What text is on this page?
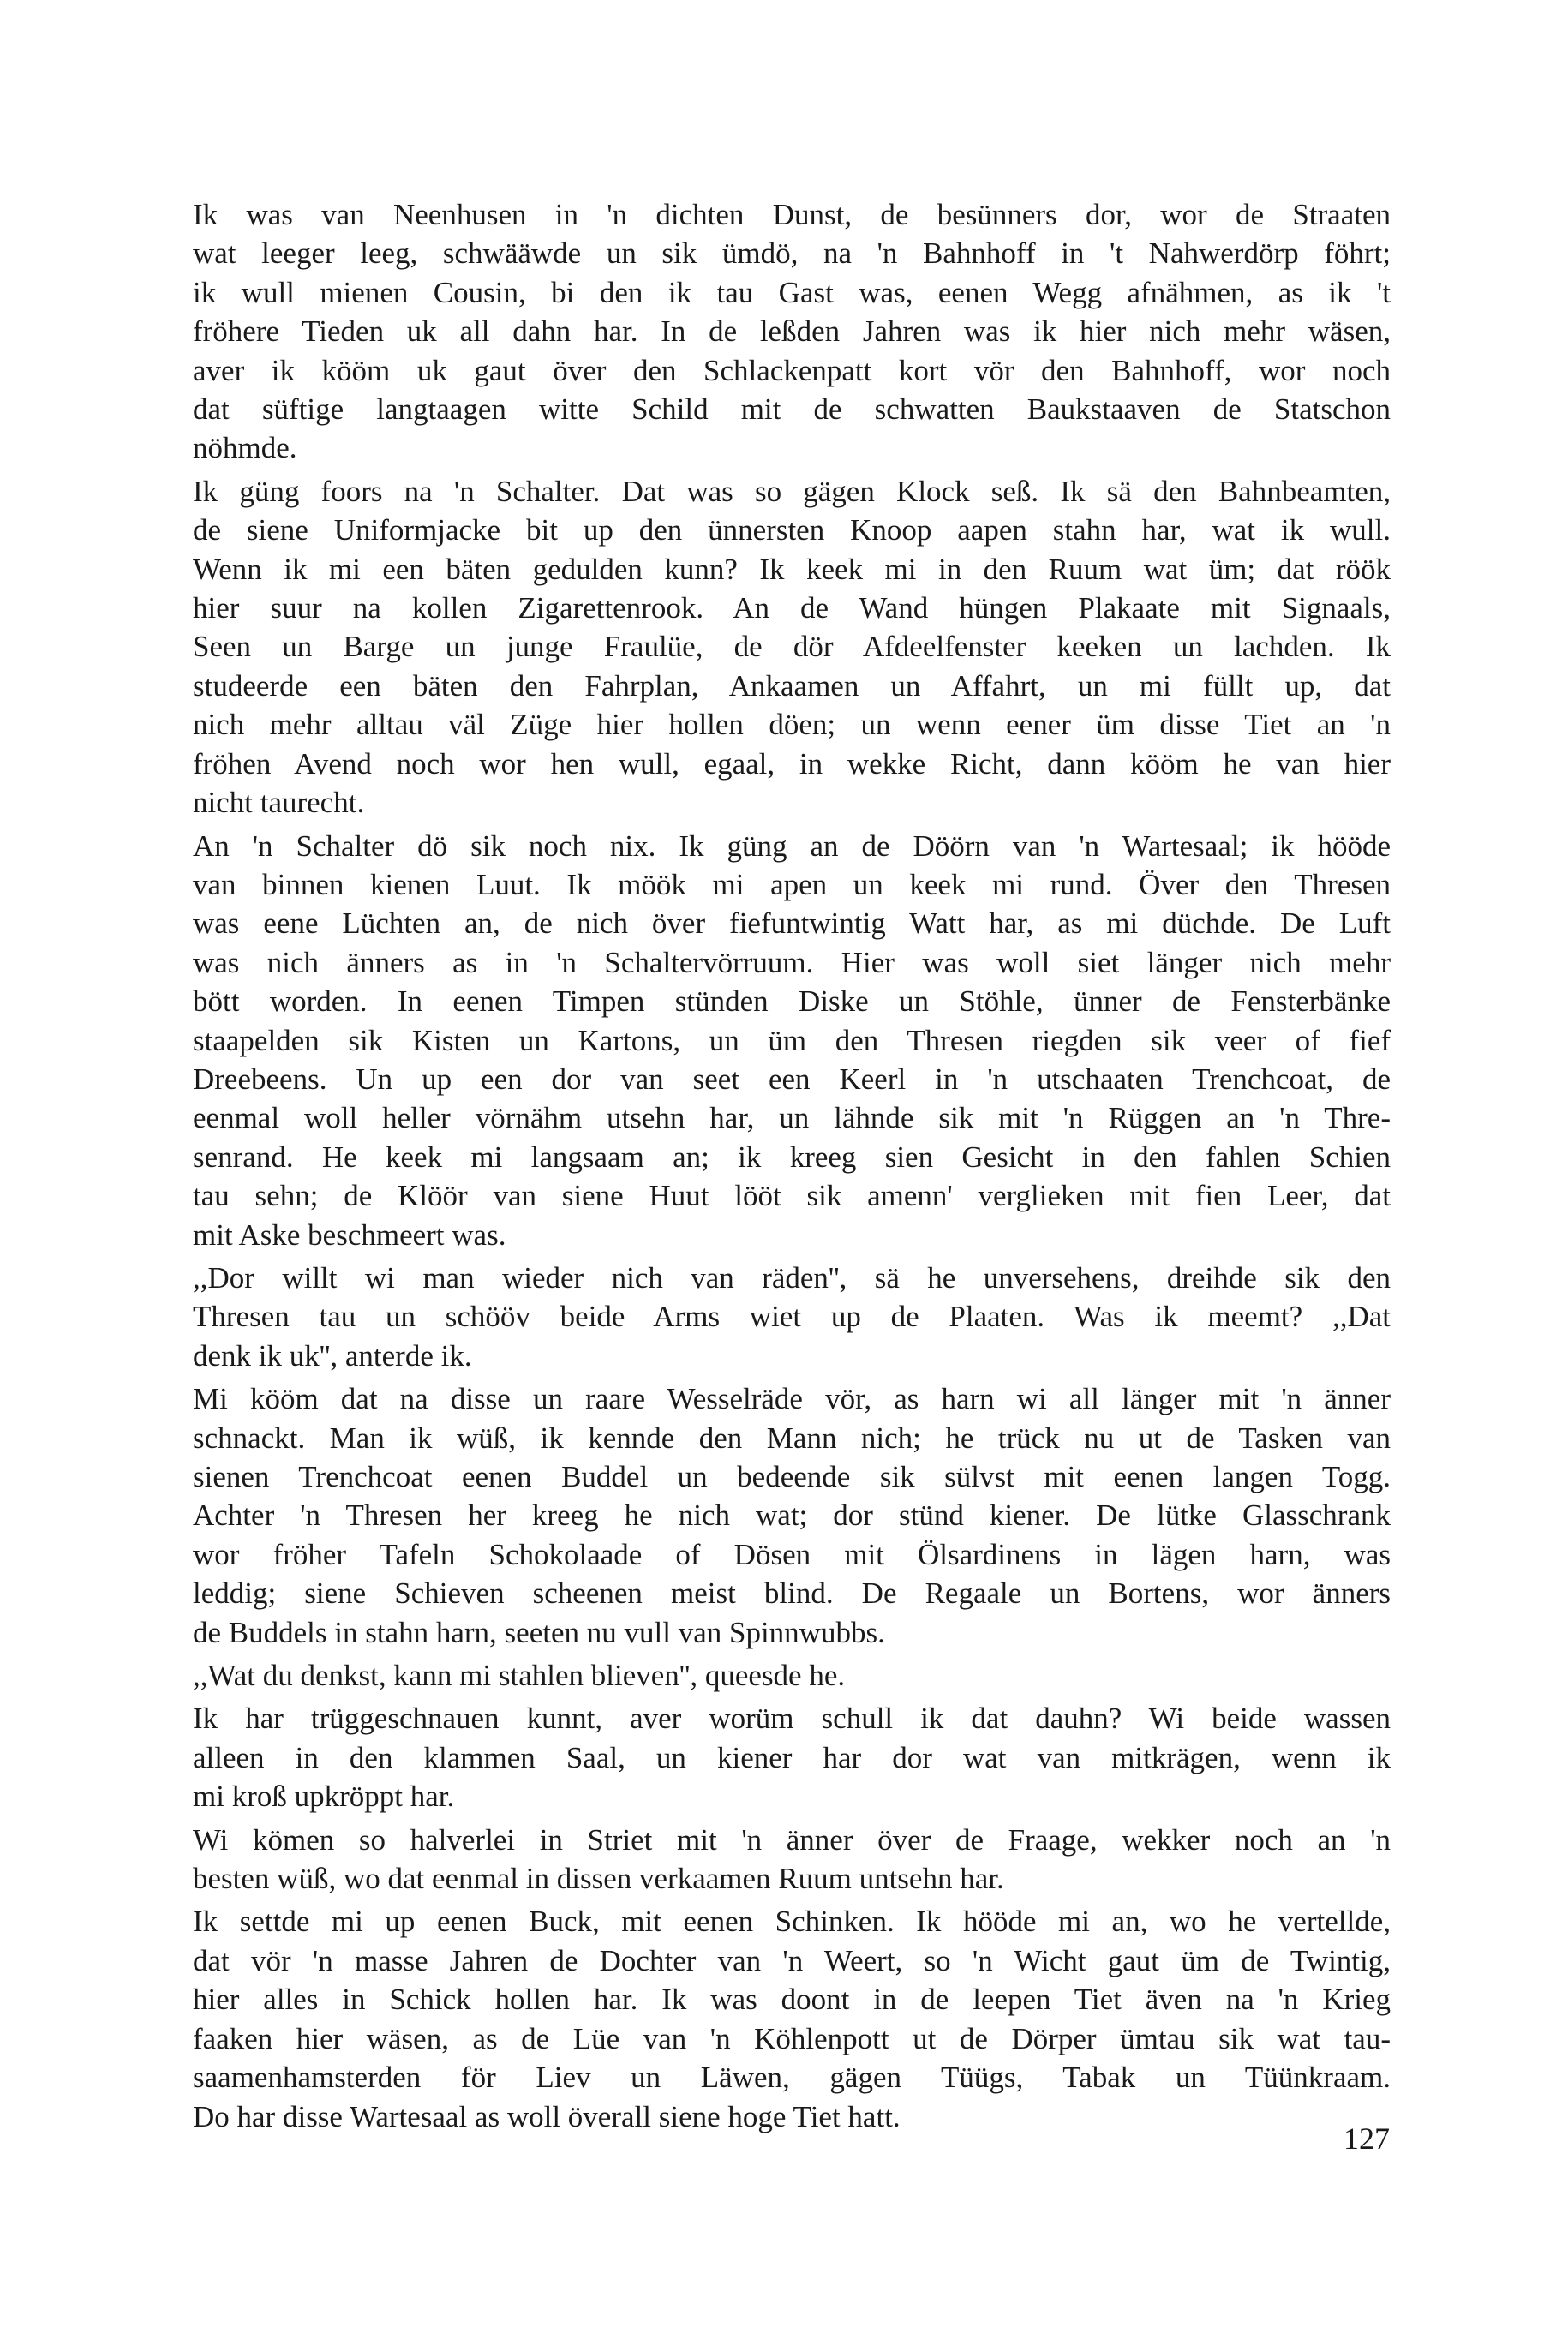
Ik was van Neenhusen in 'n dichten Dunst, de besünners dor, wor de Straaten
wat leeger leeg, schwääwde un sik ümdö, na 'n Bahnhoff in 't Nahwerdörp föhrt;
ik wull mienen Cousin, bi den ik tau Gast was, eenen Wegg afnähmen, as ik 't
fröhere Tieden uk all dahn har. In de leßden Jahren was ik hier nich mehr wäsen,
aver ik kööm uk gaut över den Schlackenpatt kort vör den Bahnhoff, wor noch
dat süftige langtaagen witte Schild mit de schwatten Baukstaaven de Statschon
nöhmde.
Ik güng foors na 'n Schalter. Dat was so gägen Klock seß. Ik sä den Bahnbeamten,
de siene Uniformjacke bit up den ünnersten Knoop aapen stahn har, wat ik wull.
Wenn ik mi een bäten gedulden kunn? Ik keek mi in den Ruum wat üm; dat röök
hier suur na kollen Zigarettenrook. An de Wand hüngen Plakaate mit Signaals,
Seen un Barge un junge Fraulüe, de dör Afdeelfenster keeken un lachden. Ik
studeerde een bäten den Fahrplan, Ankaamen un Affahrt, un mi füllt up, dat
nich mehr alltau väl Züge hier hollen döen; un wenn eener üm disse Tiet an 'n
fröhen Avend noch wor hen wull, egaal, in wekke Richt, dann kööm he van hier
nicht taurecht.
An 'n Schalter dö sik noch nix. Ik güng an de Döörn van 'n Wartesaal; ik hööde
van binnen kienen Luut. Ik möök mi apen un keek mi rund. Över den Thresen
was eene Lüchten an, de nich över fiefuntwintig Watt har, as mi düchde. De Luft
was nich änners as in 'n Schaltervörruum. Hier was woll siet länger nich mehr
bött worden. In eenen Timpen stünden Diske un Stöhle, ünner de Fensterbänke
staapelden sik Kisten un Kartons, un üm den Thresen riegden sik veer of fief
Dreebeens. Un up een dor van seet een Keerl in 'n utschaaten Trenchcoat, de
eenmal woll heller vörnähm utsehn har, un lähnde sik mit 'n Rüggen an 'n Thre-
senrand. He keek mi langsaam an; ik kreeg sien Gesicht in den fahlen Schien
tau sehn; de Klöör van siene Huut lööt sik amenn' verglieken mit fien Leer, dat
mit Aske beschmeert was.
,,Dor willt wi man wieder nich van räden'', sä he unversehens, dreihde sik den
Thresen tau un schööv beide Arms wiet up de Plaaten. Was ik meemt? ,,Dat
denk ik uk'', anterde ik.
Mi kööm dat na disse un raare Wesselräde vör, as harn wi all länger mit 'n änner
schnackt. Man ik wüß, ik kennde den Mann nich; he trück nu ut de Tasken van
sienen Trenchcoat eenen Buddel un bedeende sik sülvst mit eenen langen Togg.
Achter 'n Thresen her kreeg he nich wat; dor stünd kiener. De lütke Glasschrank
wor fröher Tafeln Schokolaade of Dösen mit Ölsardinens in lägen harn, was
leddig; siene Schieven scheenen meist blind. De Regaale un Bortens, wor änners
de Buddels in stahn harn, seeten nu vull van Spinnwubbs.
,,Wat du denkst, kann mi stahlen blieven'', queesde he.
Ik har trüggeschnauen kunnt, aver worüm schull ik dat dauhn? Wi beide wassen
alleen in den klammen Saal, un kiener har dor wat van mitkrägen, wenn ik
mi kroß upkröppt har.
Wi kömen so halverlei in Striet mit 'n änner över de Fraage, wekker noch an 'n
besten wüß, wo dat eenmal in dissen verkaamen Ruum untsehn har.
Ik settde mi up eenen Buck, mit eenen Schinken. Ik hööde mi an, wo he vertellde,
dat vör 'n masse Jahren de Dochter van 'n Weert, so 'n Wicht gaut üm de Twintig,
hier alles in Schick hollen har. Ik was doont in de leepen Tiet även na 'n Krieg
faaken hier wäsen, as de Lüe van 'n Köhlenpott ut de Dörper ümtau sik wat tau-
saamenhamsterden för Liev un Läwen, gägen Tüügs, Tabak un Tüünkraam.
Do har disse Wartesaal as woll överall siene hoge Tiet hatt.
127
